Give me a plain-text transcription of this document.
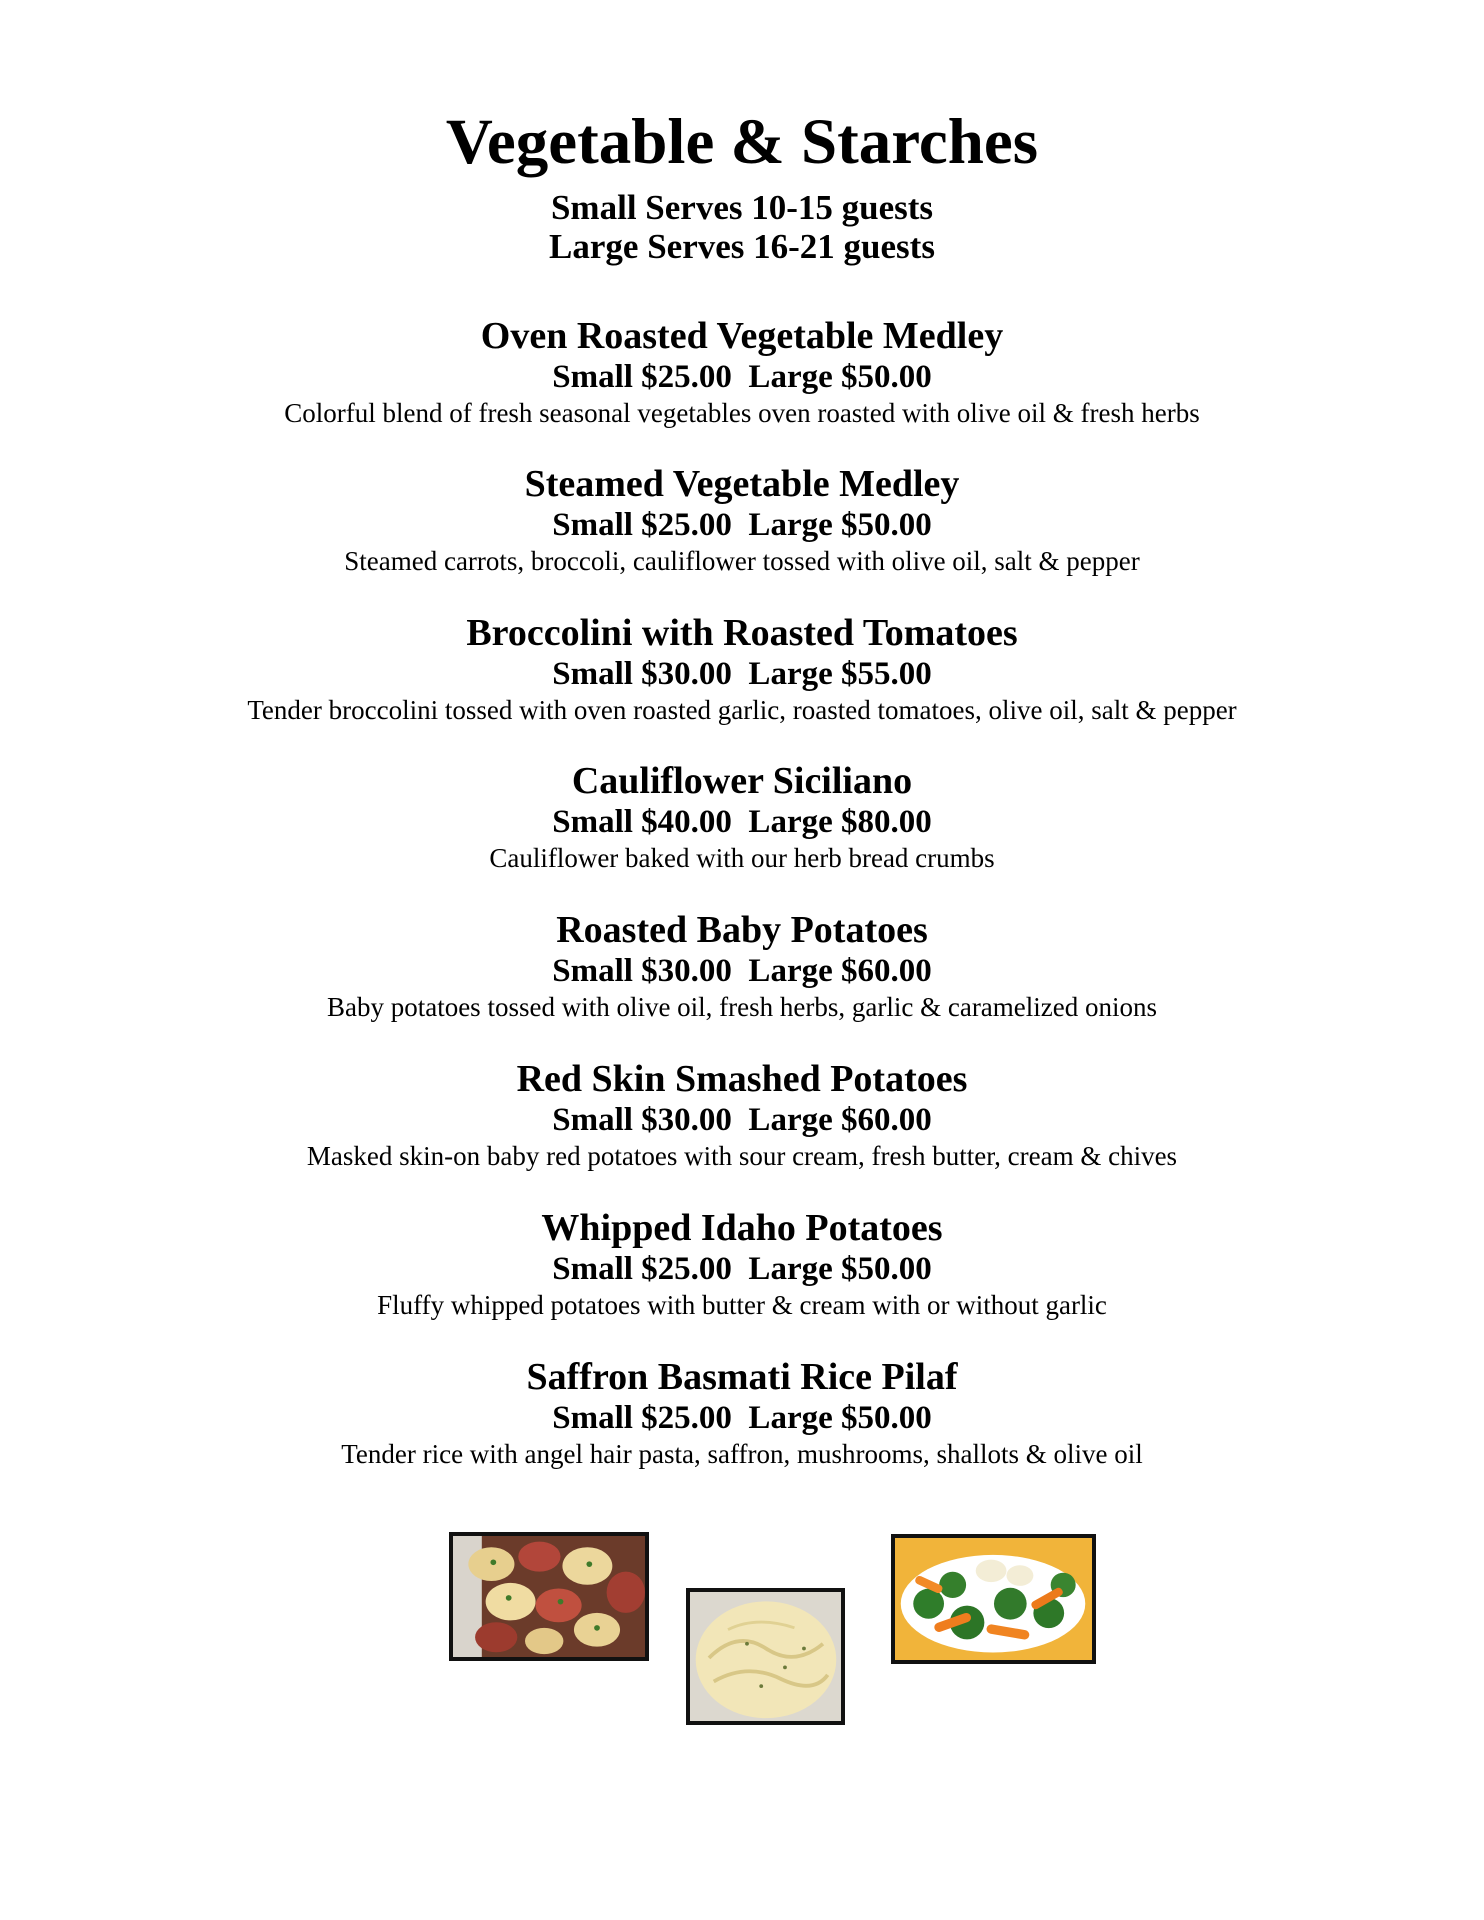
Vegetable & Starches
Small Serves 10-15 guests
Large Serves 16-21 guests
Oven Roasted Vegetable Medley
Small $25.00  Large $50.00
Colorful blend of fresh seasonal vegetables oven roasted with olive oil & fresh herbs
Steamed Vegetable Medley
Small $25.00  Large $50.00
Steamed carrots, broccoli, cauliflower tossed with olive oil, salt & pepper
Broccolini with Roasted Tomatoes
Small $30.00  Large $55.00
Tender broccolini tossed with oven roasted garlic, roasted tomatoes, olive oil, salt & pepper
Cauliflower Siciliano
Small $40.00  Large $80.00
Cauliflower baked with our herb bread crumbs
Roasted Baby Potatoes
Small $30.00  Large $60.00
Baby potatoes tossed with olive oil, fresh herbs, garlic & caramelized onions
Red Skin Smashed Potatoes
Small $30.00  Large $60.00
Masked skin-on baby red potatoes with sour cream, fresh butter, cream & chives
Whipped Idaho Potatoes
Small $25.00  Large $50.00
Fluffy whipped potatoes with butter & cream with or without garlic
Saffron Basmati Rice Pilaf
Small $25.00  Large $50.00
Tender rice with angel hair pasta, saffron, mushrooms, shallots & olive oil
